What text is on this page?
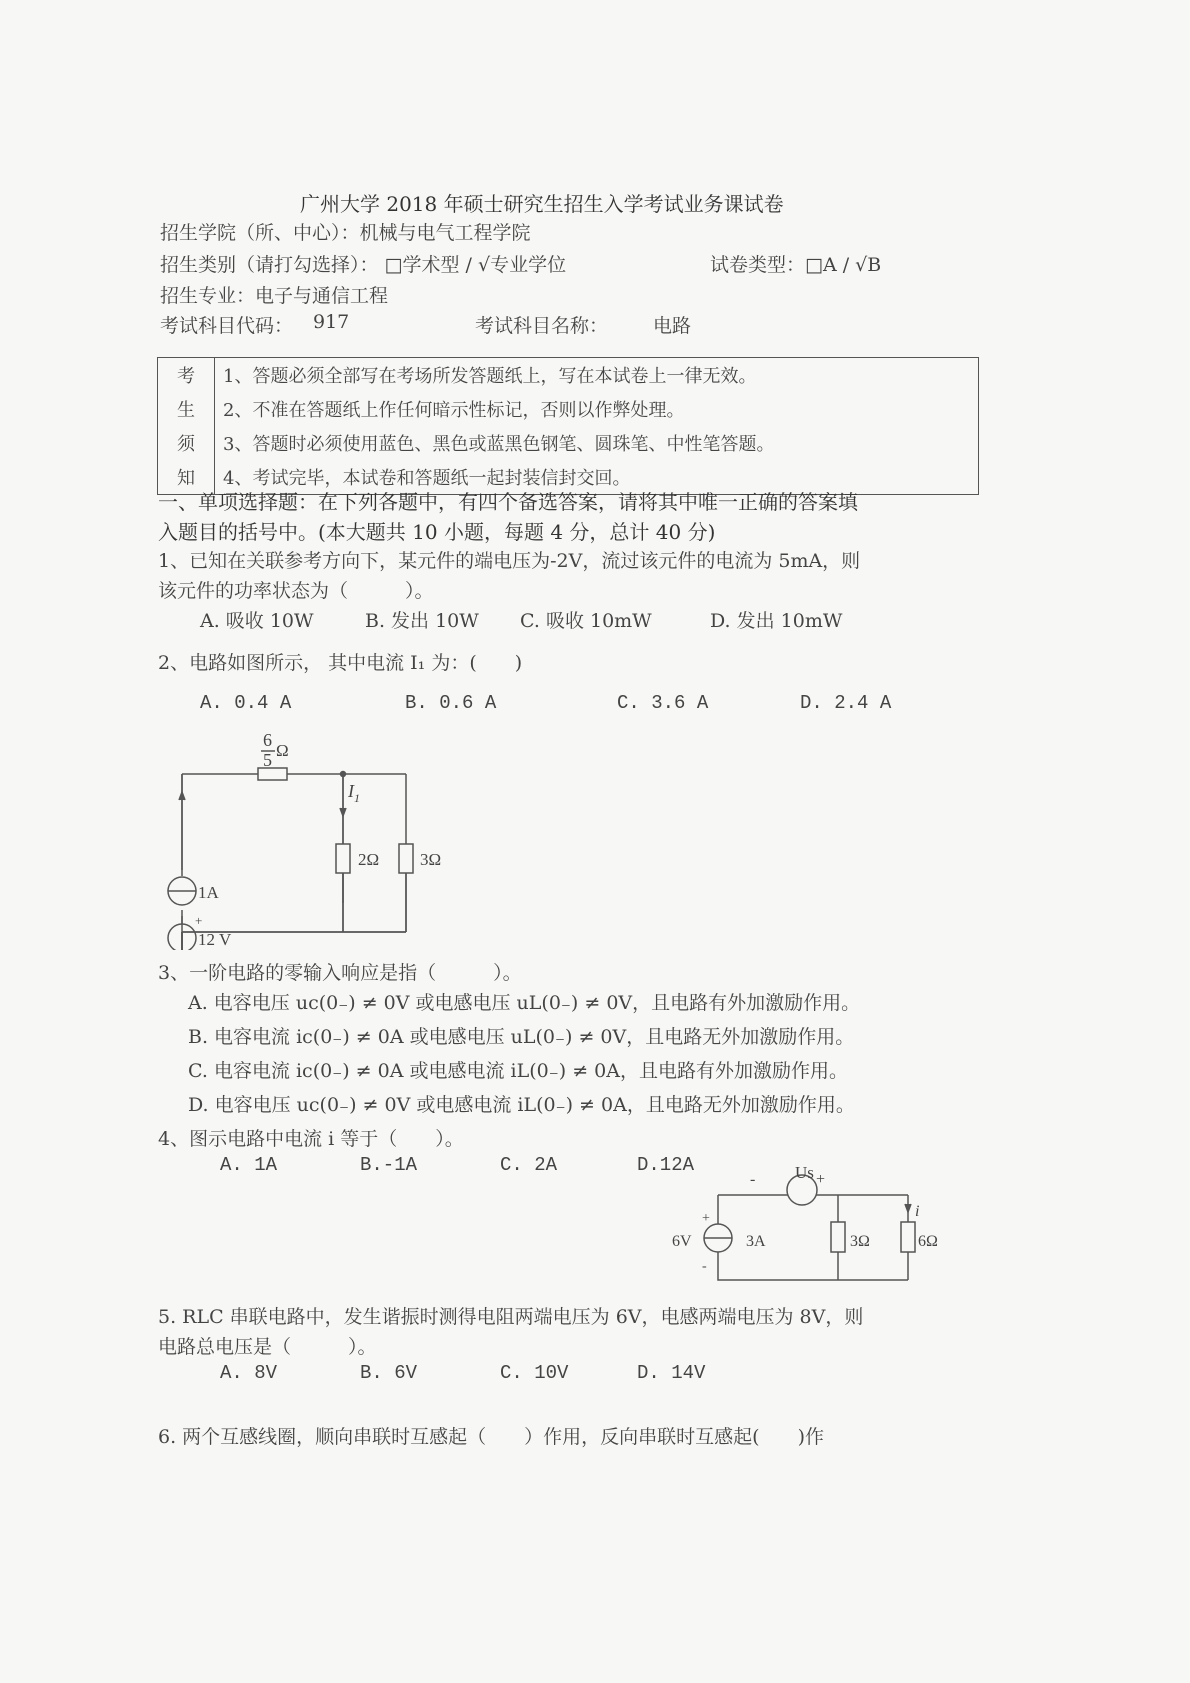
广州大学 2018 年硕士研究生招生入学考试业务课试卷
招生学院（所、中心）：机械与电气工程学院
招生类别（请打勾选择）： □学术型 / √专业学位	试卷类型：□A / √B
招生专业：电子与通信工程
考试科目代码： 917	考试科目名称： 电路
考	1、答题必须全部写在考场所发答题纸上，写在本试卷上一律无效。
生	2、不准在答题纸上作任何暗示性标记，否则以作弊处理。
须	3、答题时必须使用蓝色、黑色或蓝黑色钢笔、圆珠笔、中性笔答题。
知	4、考试完毕，本试卷和答题纸一起封装信封交回。
一、单项选择题：在下列各题中，有四个备选答案，请将其中唯一正确的答案填
入题目的括号中。(本大题共 10 小题，每题 4 分，总计 40 分)
1、已知在关联参考方向下，某元件的端电压为-2V，流过该元件的电流为 5mA，则
该元件的功率状态为（　　　）。
A. 吸收 10W	B. 发出 10W C. 吸收 10mW	D. 发出 10mW
2、电路如图所示， 其中电流 I₁ 为：(　　)
A. 0.4 A	B. 0.6 A	C. 3.6 A	D. 2.4 A
6
5 Ω
$I_1$
1A
+
12 V
2Ω 3Ω
3、一阶电路的零输入响应是指（　　　）。
A. 电容电压 uc(0₋) ≠ 0V 或电感电压 uL(0₋) ≠ 0V，且电路有外加激励作用。
B. 电容电流 ic(0₋) ≠ 0A 或电感电压 uL(0₋) ≠ 0V，且电路无外加激励作用。
C. 电容电流 ic(0₋) ≠ 0A 或电感电流 iL(0₋) ≠ 0A，且电路有外加激励作用。
D. 电容电压 uc(0₋) ≠ 0V 或电感电流 iL(0₋) ≠ 0A，且电路无外加激励作用。
4、图示电路中电流 i 等于（　　）。
A. 1A	B.-1A	C. 2A	D.12A
- Us +
+
6V
-
3A	3Ω	6Ω
i
5. RLC 串联电路中，发生谐振时测得电阻两端电压为 6V，电感两端电压为 8V，则
电路总电压是（　　　）。
A. 8V	B. 6V	C. 10V	D. 14V
6. 两个互感线圈，顺向串联时互感起（　　）作用，反向串联时互感起(　　)作
